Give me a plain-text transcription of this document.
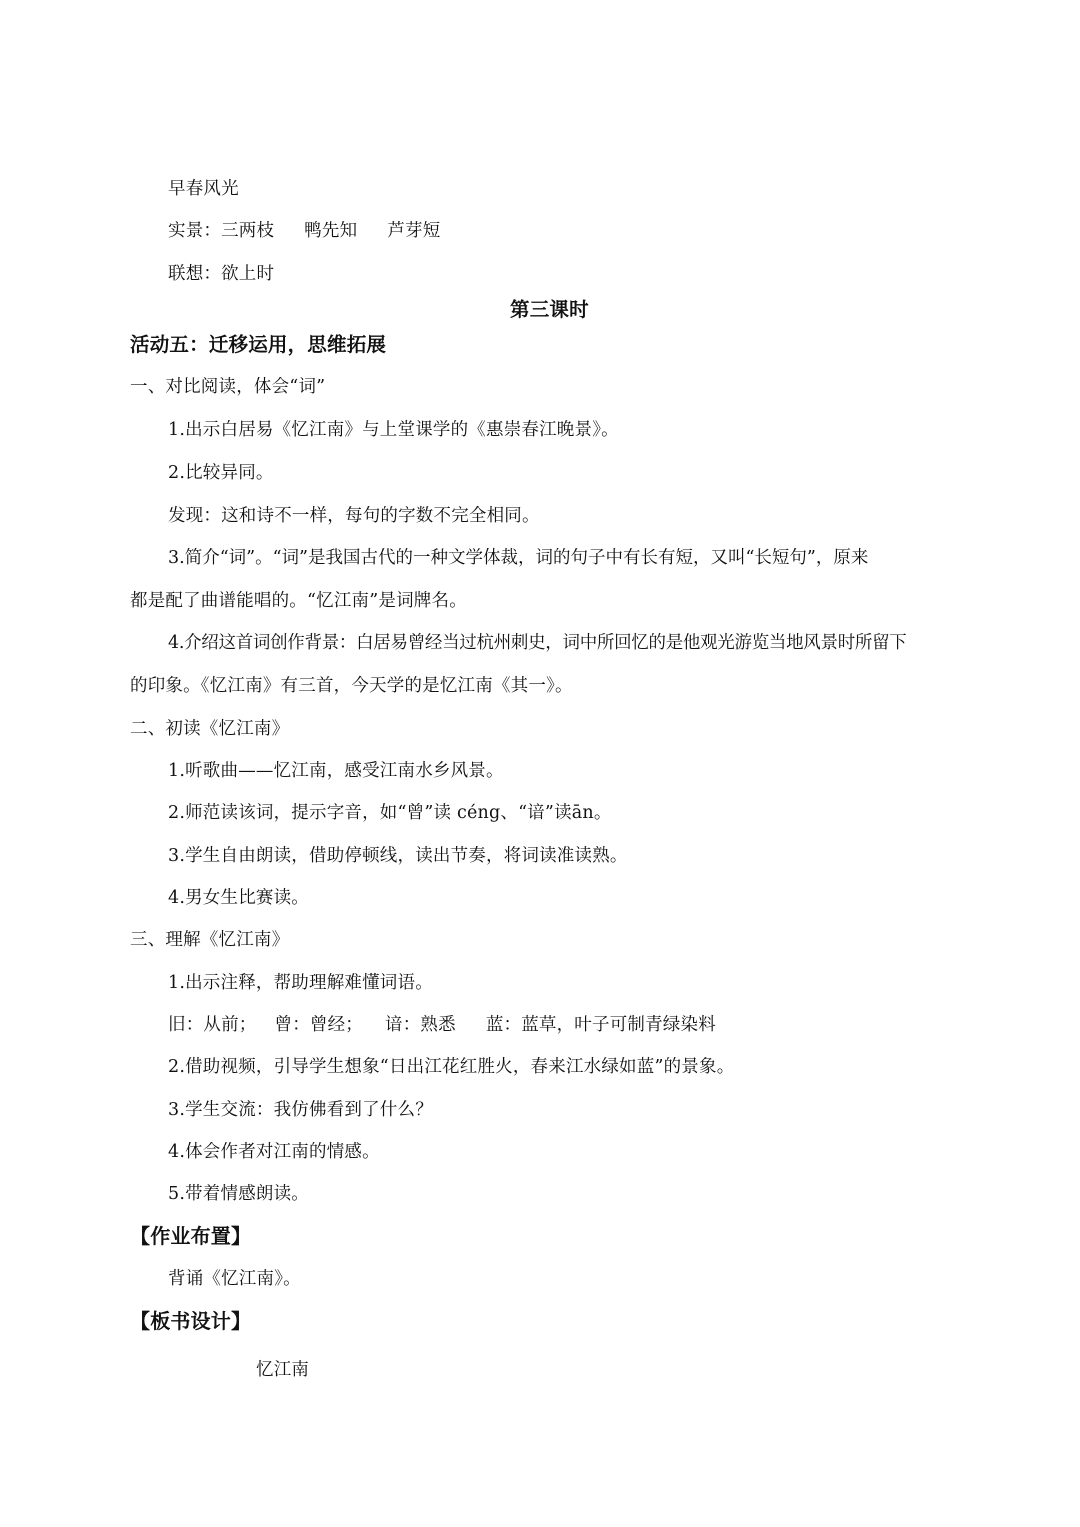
早春风光
实景：三两枝 鸭先知 芦芽短
联想：欲上时
第三课时
活动五：迁移运用，思维拓展
一、对比阅读，体会“词”
1.出示白居易《忆江南》与上堂课学的《惠崇春江晚景》。
2.比较异同。
发现：这和诗不一样，每句的字数不完全相同。
3.简介“词”。“词”是我国古代的一种文学体裁，词的句子中有长有短，又叫“长短句”，原来
都是配了曲谱能唱的。“忆江南”是词牌名。
4.介绍这首词创作背景：白居易曾经当过杭州刺史，词中所回忆的是他观光游览当地风景时所留下
的印象。《忆江南》有三首，今天学的是忆江南《其一》。
二、初读《忆江南》
1.听歌曲——忆江南，感受江南水乡风景。
2.师范读该词，提示字音，如“曾”读 céng、“谙”读ān。
3.学生自由朗读，借助停顿线，读出节奏，将词读准读熟。
4.男女生比赛读。
三、理解《忆江南》
1.出示注释，帮助理解难懂词语。
旧：从前； 曾：曾经； 谙：熟悉 蓝：蓝草，叶子可制青绿染料
2.借助视频，引导学生想象“日出江花红胜火，春来江水绿如蓝”的景象。
3.学生交流：我仿佛看到了什么？
4.体会作者对江南的情感。
5.带着情感朗读。
【作业布置】
背诵《忆江南》。
【板书设计】
忆江南
